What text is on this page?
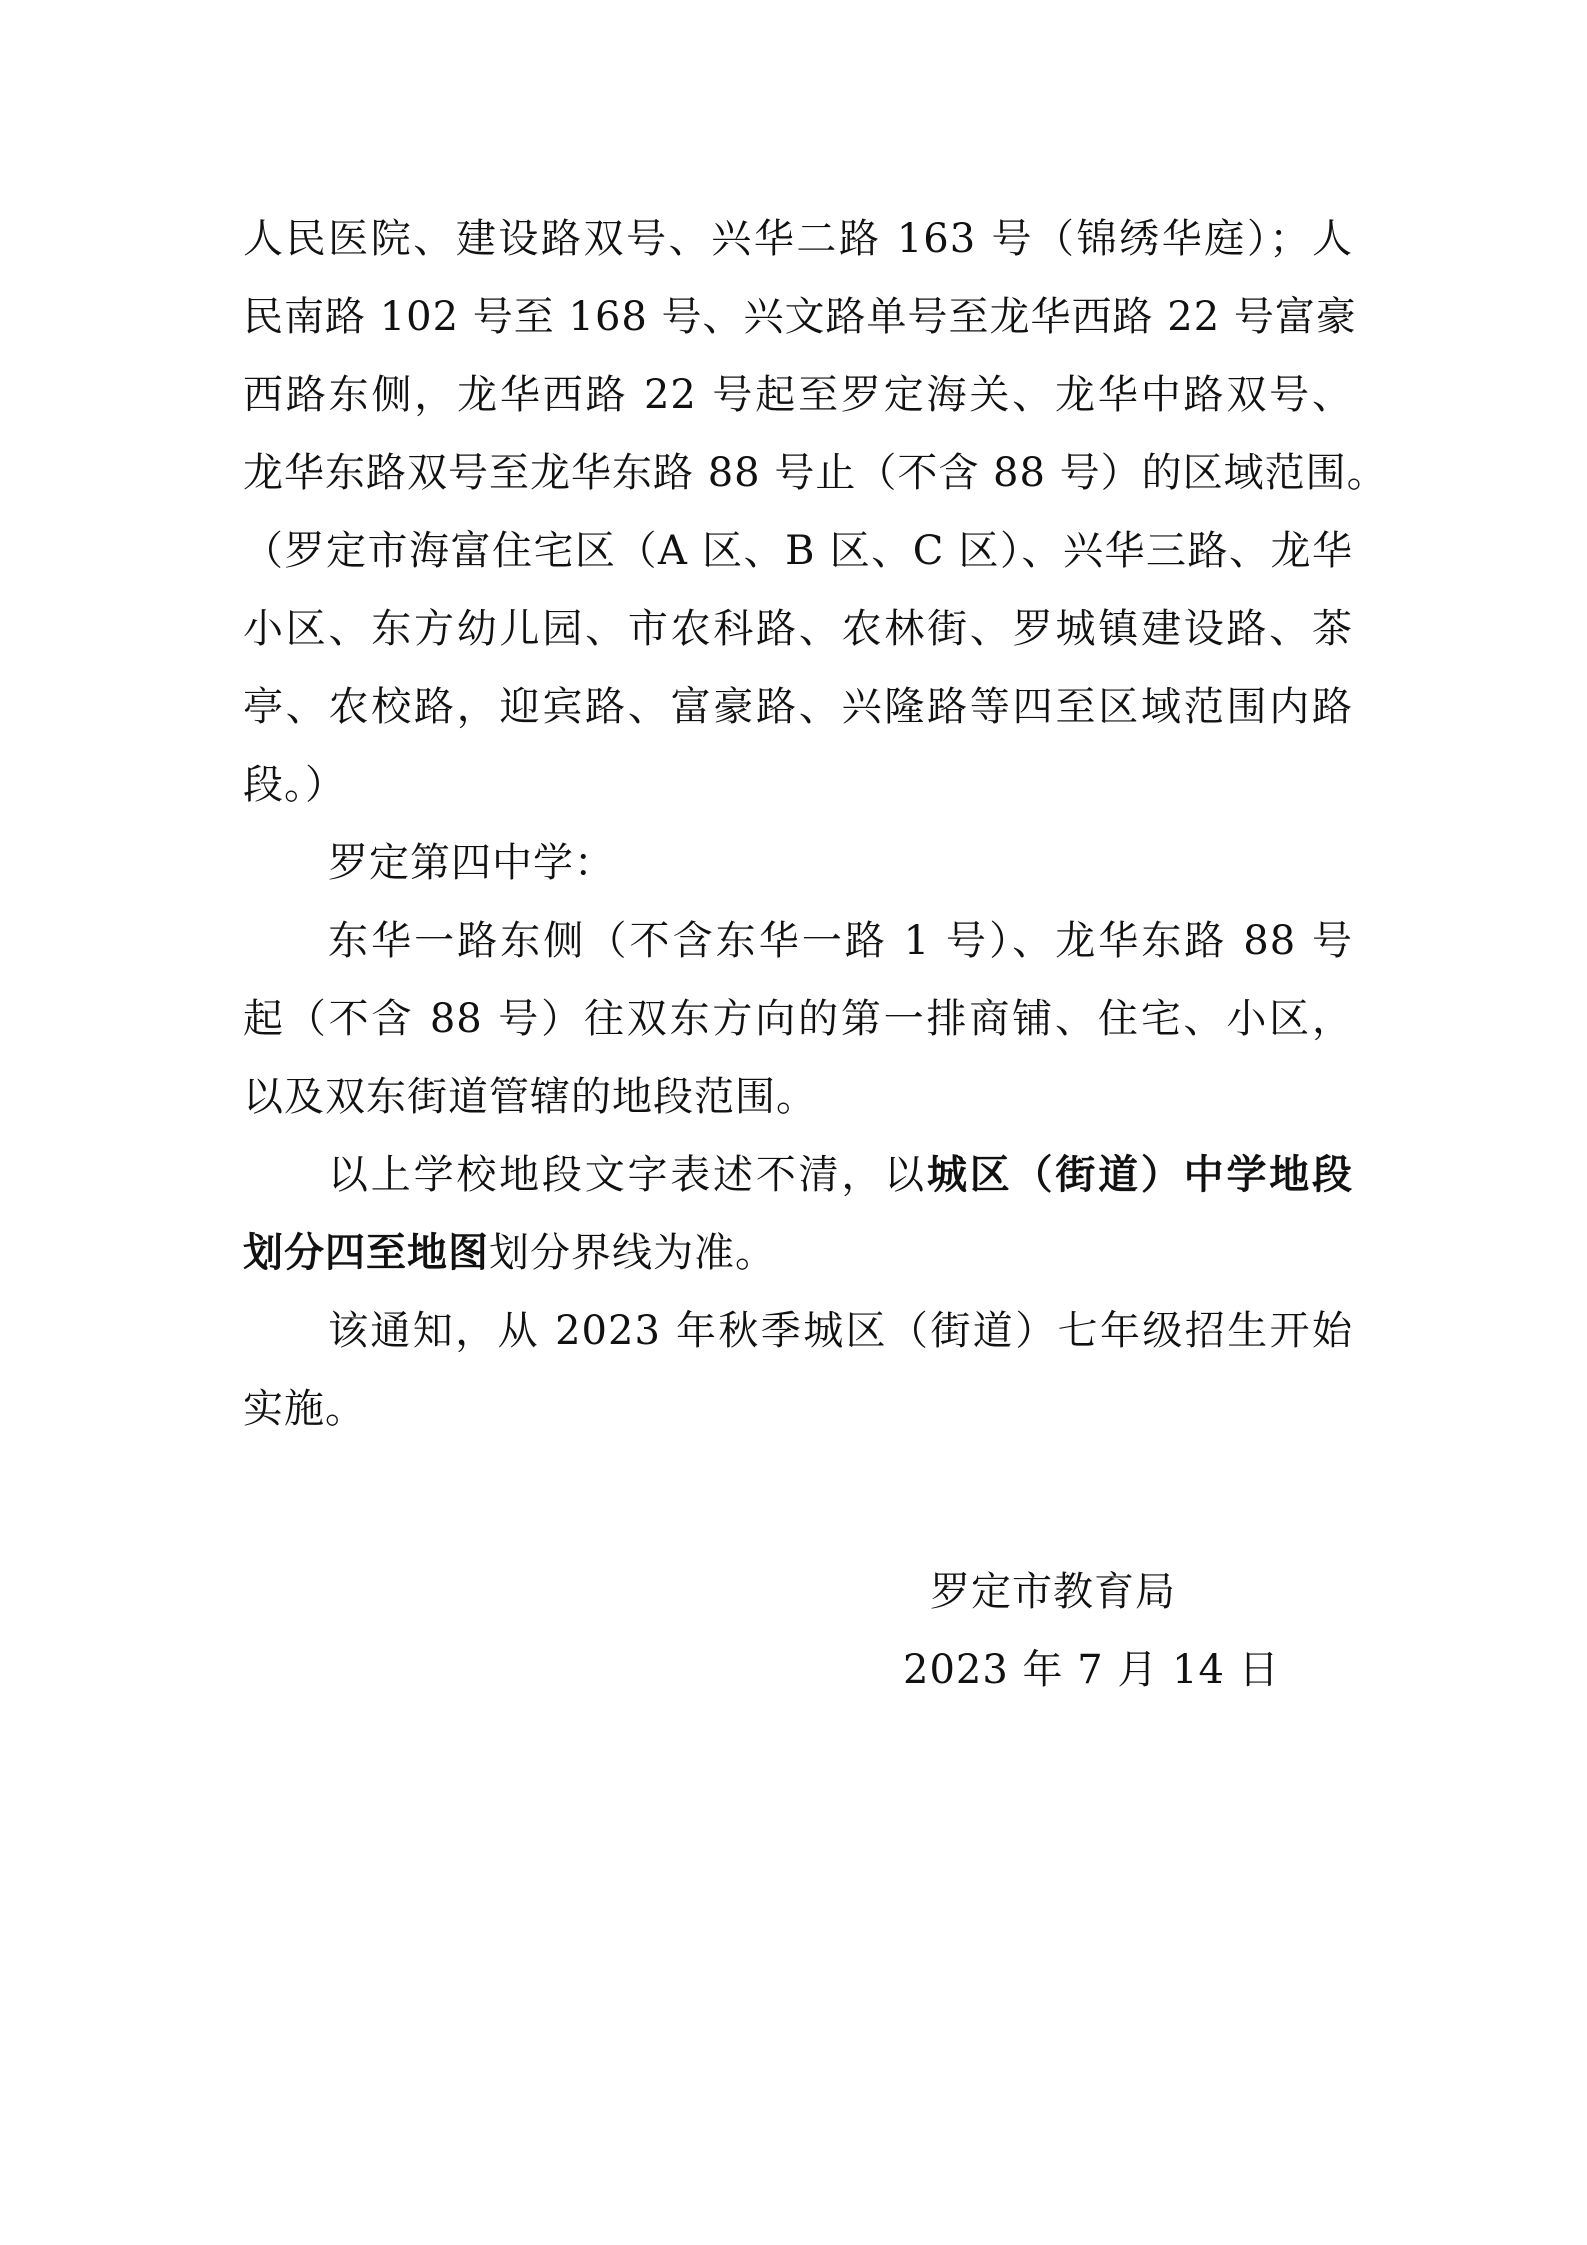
人民医院、建设路双号、兴华二路 163 号（锦绣华庭）；人
民南路 102 号至 168 号、兴文路单号至龙华西路 22 号富豪
西路东侧，龙华西路 22 号起至罗定海关、龙华中路双号、
龙华东路双号至龙华东路 88 号止（不含 88 号）的区域范围。
（罗定市海富住宅区（A 区、B 区、C 区）、兴华三路、龙华
小区、东方幼儿园、市农科路、农林街、罗城镇建设路、茶
亭、农校路，迎宾路、富豪路、兴隆路等四至区域范围内路
段。）
罗定第四中学：
东华一路东侧（不含东华一路 1 号）、龙华东路 88 号
起（不含 88 号）往双东方向的第一排商铺、住宅、小区，
以及双东街道管辖的地段范围。
以上学校地段文字表述不清，以城区（街道）中学地段
划分四至地图划分界线为准。
该通知，从 2023 年秋季城区（街道）七年级招生开始
实施。
罗定市教育局
2023 年 7 月 14 日
